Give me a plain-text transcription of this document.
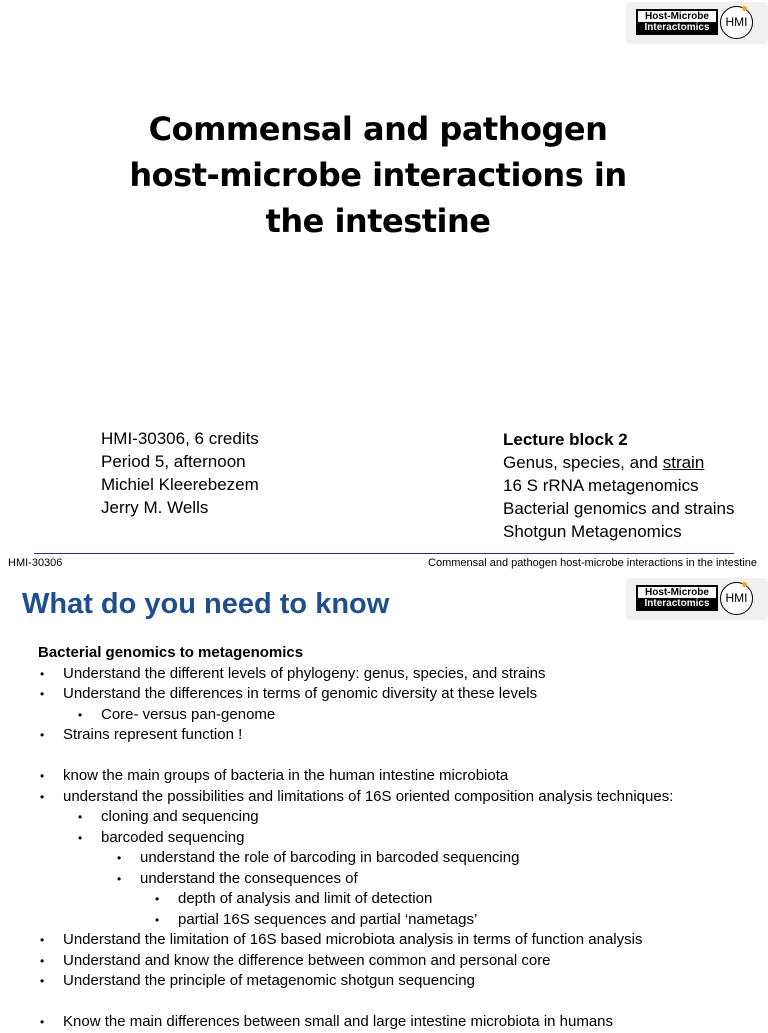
Host-Microbe
Interactomics	HMI
Commensal and pathogen host-microbe interactions in the intestine
HMI-30306, 6 credits
Period 5, afternoon
Michiel Kleerebezem
Jerry M. Wells
Lecture block 2
Genus, species, and strain
16 S rRNA metagenomics
Bacterial genomics and strains
Shotgun Metagenomics
HMI-30306	Commensal and pathogen host-microbe interactions in the intestine
Host-Microbe
Interactomics	HMI
What do you need to know
Bacterial genomics to metagenomics
• Understand the different levels of phylogeny: genus, species, and strains
• Understand the differences in terms of genomic diversity at these levels
• Core- versus pan-genome
• Strains represent function !
• know the main groups of bacteria in the human intestine microbiota
• understand the possibilities and limitations of 16S oriented composition analysis techniques:
• cloning and sequencing
• barcoded sequencing
• understand the role of barcoding in barcoded sequencing
• understand the consequences of
• depth of analysis and limit of detection
• partial 16S sequences and partial ‘nametags’
• Understand the limitation of 16S based microbiota analysis in terms of function analysis
• Understand and know the difference between common and personal core
• Understand the principle of metagenomic shotgun sequencing
• Know the main differences between small and large intestine microbiota in humans
